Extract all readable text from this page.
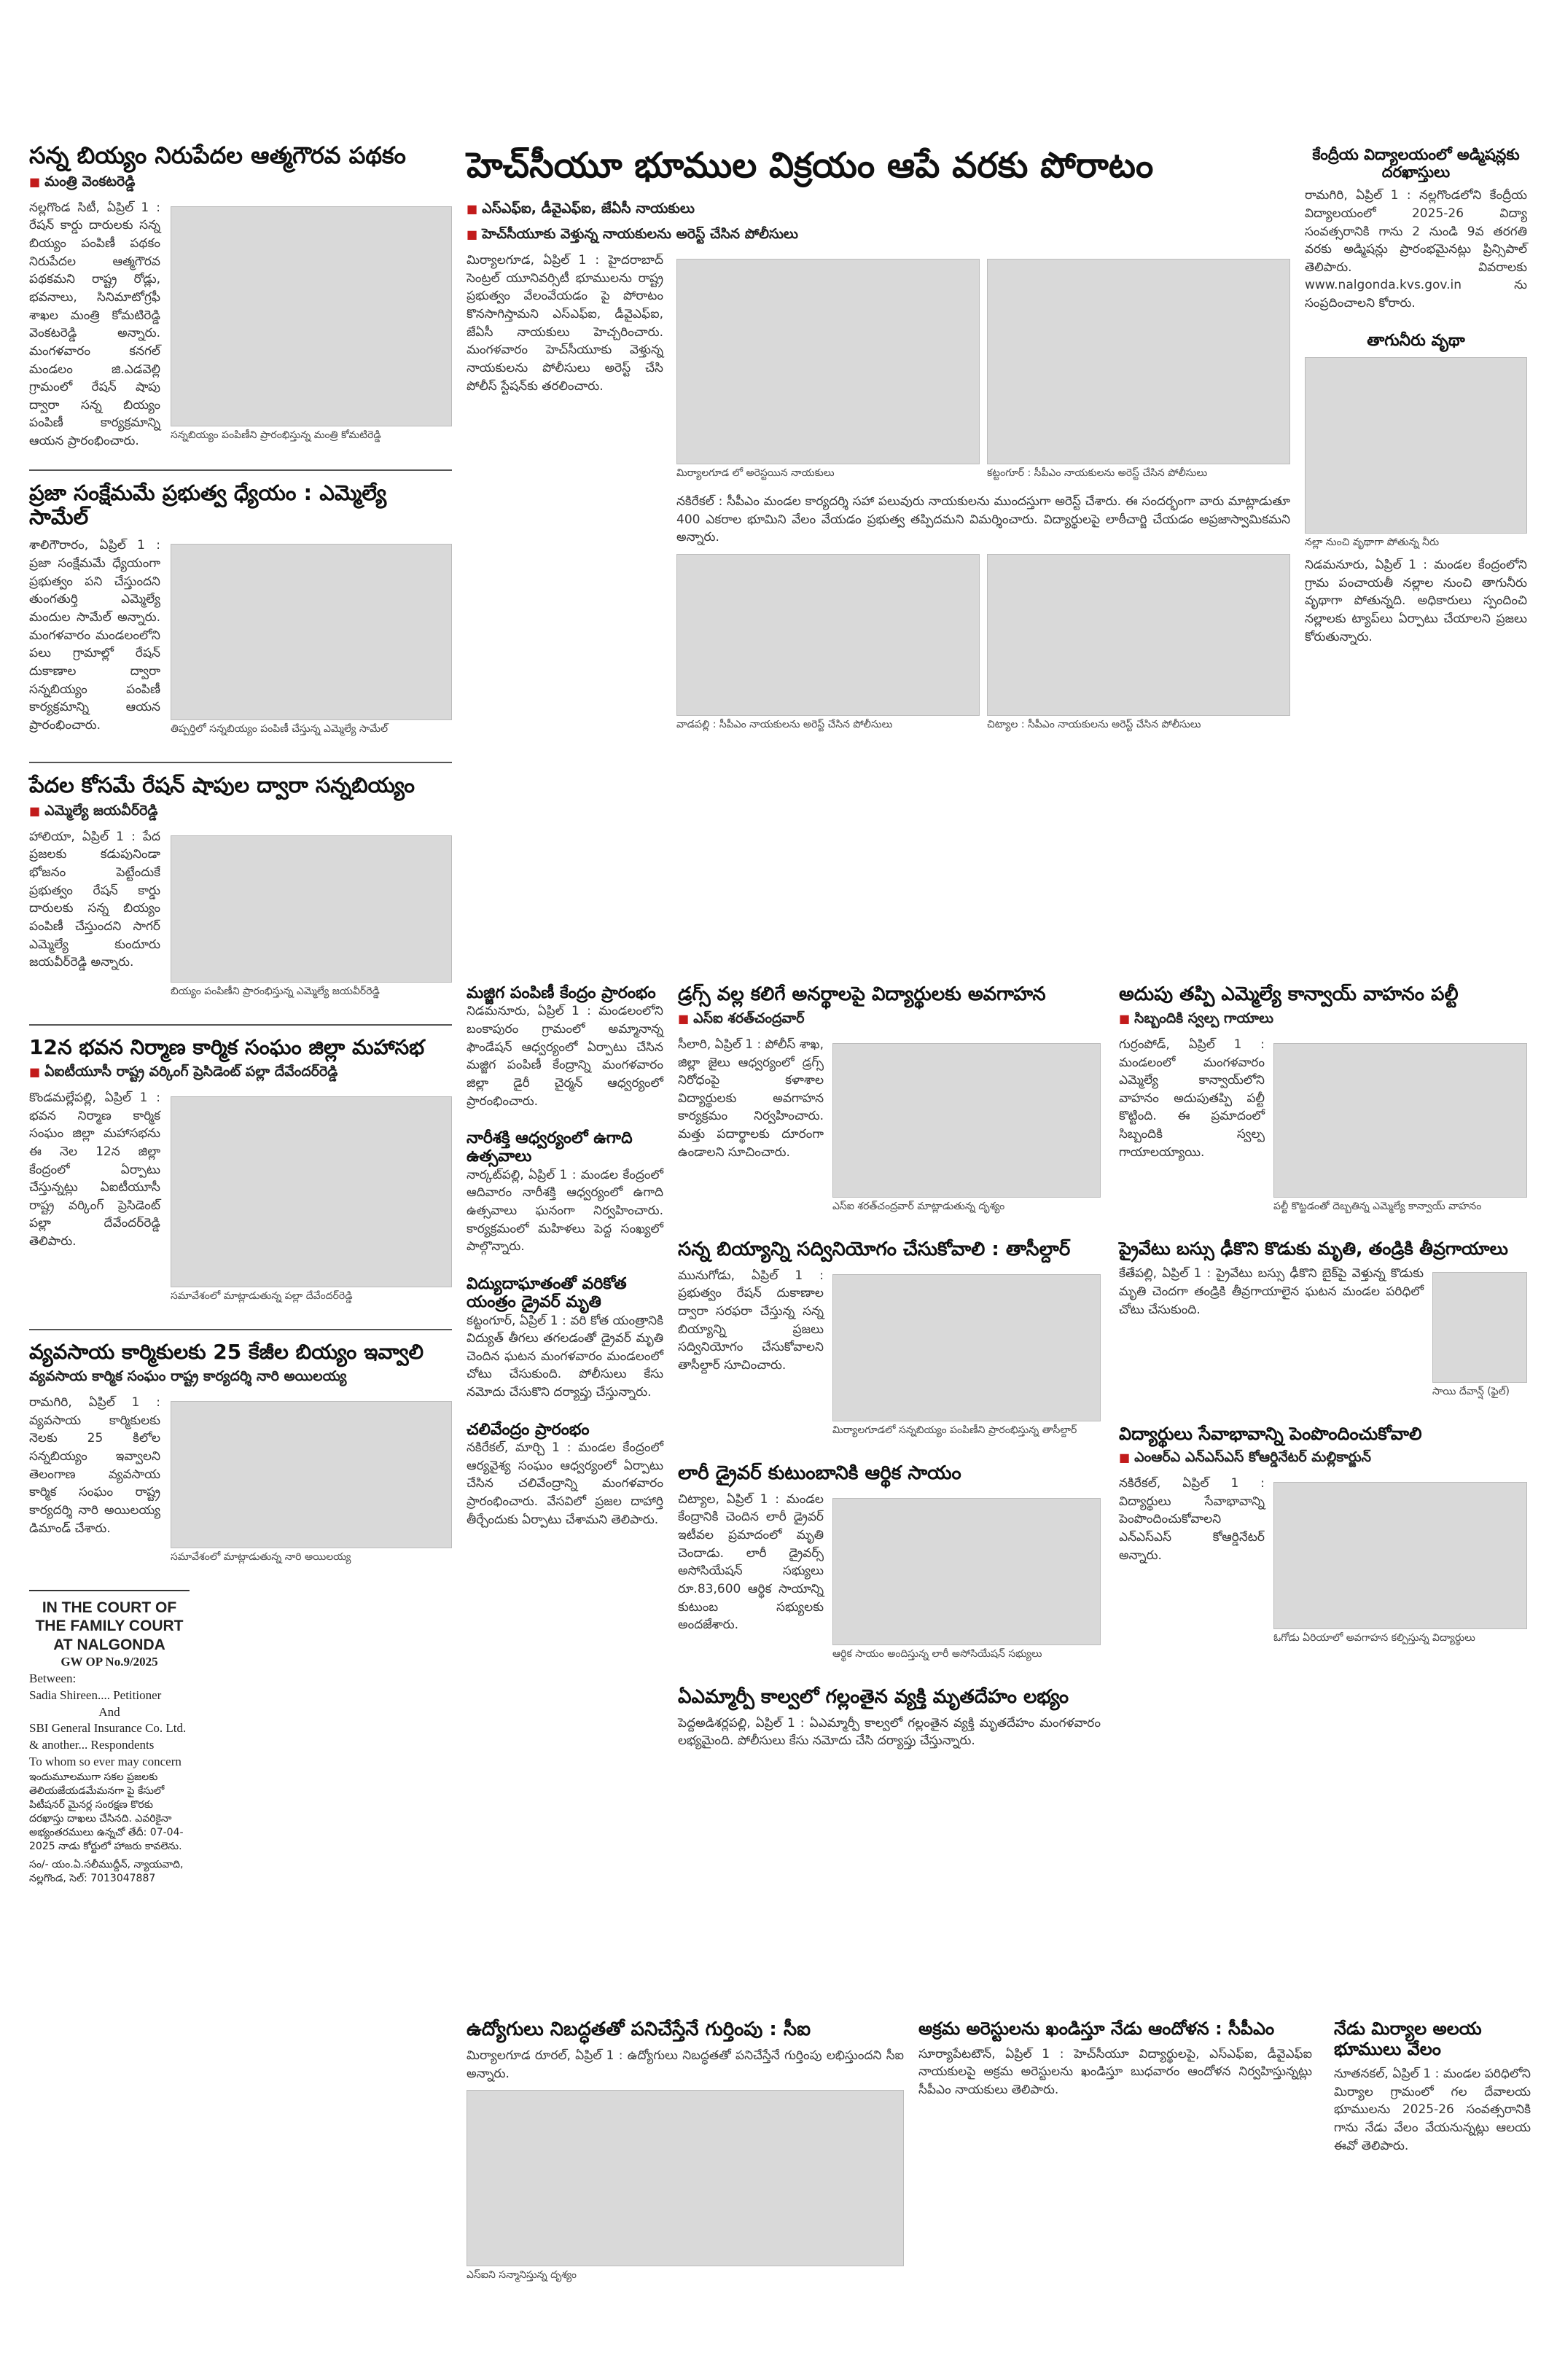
సన్న బియ్యం నిరుపేదల ఆత్మగౌరవ పథకం
■ మంత్రి వెంకటరెడ్డి
నల్లగొండ సిటీ, ఏప్రిల్ 1 : రేషన్ కార్డు దారులకు సన్న బియ్యం పంపిణీ పథకం నిరుపేదల ఆత్మగౌరవ పథకమని రాష్ట్ర రోడ్లు, భవనాలు, సినిమాటోగ్రఫీ శాఖల మంత్రి కోమటిరెడ్డి వెంకటరెడ్డి అన్నారు. మంగళవారం కనగల్ మండలం జి.ఎడవెల్లి గ్రామంలో రేషన్ షాపు ద్వారా సన్న బియ్యం పంపిణీ కార్యక్రమాన్ని ఆయన ప్రారంభించారు.	సన్నబియ్యం పంపిణీని ప్రారంభిస్తున్న మంత్రి కోమటిరెడ్డి
ప్రజా సంక్షేమమే ప్రభుత్వ ధ్యేయం : ఎమ్మెల్యే సామేల్
శాలిగౌరారం, ఏప్రిల్ 1 : ప్రజా సంక్షేమమే ధ్యేయంగా ప్రభుత్వం పని చేస్తుందని తుంగతుర్తి ఎమ్మెల్యే మందుల సామేల్ అన్నారు. మంగళవారం మండలంలోని పలు గ్రామాల్లో రేషన్ దుకాణాల ద్వారా సన్నబియ్యం పంపిణీ కార్యక్రమాన్ని ఆయన ప్రారంభించారు.	తిప్పర్తిలో సన్నబియ్యం పంపిణీ చేస్తున్న ఎమ్మెల్యే సామేల్
పేదల కోసమే రేషన్ షాపుల ద్వారా సన్నబియ్యం
■ ఎమ్మెల్యే జయవీర్‌రెడ్డి
హాలియా, ఏప్రిల్ 1 : పేద ప్రజలకు కడుపునిండా భోజనం పెట్టేందుకే ప్రభుత్వం రేషన్ కార్డు దారులకు సన్న బియ్యం పంపిణీ చేస్తుందని సాగర్ ఎమ్మెల్యే కుందూరు జయవీర్‌రెడ్డి అన్నారు.
బియ్యం పంపిణీని ప్రారంభిస్తున్న ఎమ్మెల్యే జయవీర్‌రెడ్డి
12న భవన నిర్మాణ కార్మిక సంఘం జిల్లా మహాసభ
■ ఏఐటీయూసీ రాష్ట్ర వర్కింగ్ ప్రెసిడెంట్ పల్లా దేవేందర్‌రెడ్డి
కొండమల్లేపల్లి, ఏప్రిల్ 1 : భవన నిర్మాణ కార్మిక సంఘం జిల్లా మహాసభను ఈ నెల 12న జిల్లా కేంద్రంలో ఏర్పాటు చేస్తున్నట్లు ఏఐటీయూసీ రాష్ట్ర వర్కింగ్ ప్రెసిడెంట్ పల్లా దేవేందర్‌రెడ్డి తెలిపారు.
సమావేశంలో మాట్లాడుతున్న పల్లా దేవేందర్‌రెడ్డి
వ్యవసాయ కార్మికులకు 25 కేజీల బియ్యం ఇవ్వాలి
వ్యవసాయ కార్మిక సంఘం రాష్ట్ర కార్యదర్శి నారి అయిలయ్య
రామగిరి, ఏప్రిల్ 1 : వ్యవసాయ కార్మికులకు నెలకు 25 కిలోల సన్నబియ్యం ఇవ్వాలని తెలంగాణ వ్యవసాయ కార్మిక సంఘం రాష్ట్ర కార్యదర్శి నారి అయిలయ్య డిమాండ్ చేశారు.
సమావేశంలో మాట్లాడుతున్న నారి అయిలయ్య
IN THE COURT OF THE FAMILY COURT AT NALGONDA
GW OP No.9/2025
Between:
Sadia Shireen.... Petitioner
And
SBI General Insurance Co. Ltd. & another... Respondents
To whom so ever may concern
ఇందుమూలముగా సకల ప్రజలకు తెలియజేయడమేమనగా పై కేసులో పిటీషనర్ మైనర్ల సంరక్షణ కొరకు దరఖాస్తు దాఖలు చేసినది. ఎవరికైనా అభ్యంతరములు ఉన్నచో తేదీ: 07-04-2025 నాడు కోర్టులో హాజరు కావలెను.
సం/- యం.ఏ.సలీముద్దీన్, న్యాయవాది, నల్లగొండ, సెల్: 7013047887
హెచ్‌సీయూ భూముల విక్రయం ఆపే వరకు పోరాటం
■ ఎస్‌ఎఫ్‌ఐ, డీవైఎఫ్‌ఐ, జేఏసీ నాయకులు
■ హెచ్‌సీయూకు వెళ్తున్న నాయకులను అరెస్ట్ చేసిన పోలీసులు
మిర్యాలగూడ, ఏప్రిల్ 1 : హైదరాబాద్ సెంట్రల్ యూనివర్సిటీ భూములను రాష్ట్ర ప్రభుత్వం వేలంవేయడం పై పోరాటం కొనసాగిస్తామని ఎస్‌ఎఫ్‌ఐ, డీవైఎఫ్‌ఐ, జేఏసీ నాయకులు హెచ్చరించారు. మంగళవారం హెచ్‌సీయూకు వెళ్తున్న నాయకులను పోలీసులు అరెస్ట్ చేసి పోలీస్ స్టేషన్‌కు తరలించారు.
మిర్యాలగూడ లో అరెస్టయిన నాయకులు	కట్టంగూర్ : సీపీఎం నాయకులను అరెస్ట్ చేసిన పోలీసులు
నకిరేకల్ : సీపీఎం మండల కార్యదర్శి సహా పలువురు నాయకులను ముందస్తుగా అరెస్ట్ చేశారు. ఈ సందర్భంగా వారు మాట్లాడుతూ 400 ఎకరాల భూమిని వేలం వేయడం ప్రభుత్వ తప్పిదమని విమర్శించారు. విద్యార్థులపై లాఠీచార్జి చేయడం అప్రజాస్వామికమని అన్నారు.
వాడపల్లి : సీపీఎం నాయకులను అరెస్ట్ చేసిన పోలీసులు	చిట్యాల : సీపీఎం నాయకులను అరెస్ట్ చేసిన పోలీసులు
మజ్జిగ పంపిణీ కేంద్రం ప్రారంభం
నిడమనూరు, ఏప్రిల్ 1 : మండలంలోని బంకాపురం గ్రామంలో అమ్మానాన్న ఫౌండేషన్ ఆధ్వర్యంలో ఏర్పాటు చేసిన మజ్జిగ పంపిణీ కేంద్రాన్ని మంగళవారం జిల్లా డైరీ చైర్మన్ ఆధ్వర్యంలో ప్రారంభించారు.
నారీశక్తి ఆధ్వర్యంలో ఉగాది ఉత్సవాలు
నార్కట్‌పల్లి, ఏప్రిల్ 1 : మండల కేంద్రంలో ఆదివారం నారీశక్తి ఆధ్వర్యంలో ఉగాది ఉత్సవాలు ఘనంగా నిర్వహించారు. కార్యక్రమంలో మహిళలు పెద్ద సంఖ్యలో పాల్గొన్నారు.
విద్యుదాఘాతంతో వరికోత యంత్రం డ్రైవర్ మృతి
కట్టంగూర్, ఏప్రిల్ 1 : వరి కోత యంత్రానికి విద్యుత్ తీగలు తగలడంతో డ్రైవర్ మృతి చెందిన ఘటన మంగళవారం మండలంలో చోటు చేసుకుంది. పోలీసులు కేసు నమోదు చేసుకొని దర్యాప్తు చేస్తున్నారు.
చలివేంద్రం ప్రారంభం
నకిరేకల్, మార్చి 1 : మండల కేంద్రంలో ఆర్యవైశ్య సంఘం ఆధ్వర్యంలో ఏర్పాటు చేసిన చలివేంద్రాన్ని మంగళవారం ప్రారంభించారు. వేసవిలో ప్రజల దాహార్తి తీర్చేందుకు ఏర్పాటు చేశామని తెలిపారు.
ఉద్యోగులు నిబద్ధతతో పనిచేస్తేనే గుర్తింపు : సీఐ
మిర్యాలగూడ రూరల్, ఏప్రిల్ 1 : ఉద్యోగులు నిబద్ధతతో పనిచేస్తేనే గుర్తింపు లభిస్తుందని సీఐ అన్నారు.
ఎస్ఐని సన్మానిస్తున్న దృశ్యం
డ్రగ్స్ వల్ల కలిగే అనర్థాలపై విద్యార్థులకు అవగాహన
■ ఎస్ఐ శరత్‌చంద్ర‌వార్
సీలారి, ఏప్రిల్ 1 : పోలీస్ శాఖ, జిల్లా జైలు ఆధ్వర్యంలో డ్రగ్స్ నిరోధంపై కళాశాల విద్యార్థులకు అవగాహన కార్యక్రమం నిర్వహించారు. మత్తు పదార్థాలకు దూరంగా ఉండాలని సూచించారు.
ఎస్ఐ శరత్‌చంద్ర‌వార్ మాట్లాడుతున్న దృశ్యం
సన్న బియ్యాన్ని సద్వినియోగం చేసుకోవాలి : తాసీల్దార్
మునుగోడు, ఏప్రిల్ 1 : ప్రభుత్వం రేషన్ దుకాణాల ద్వారా సరఫరా చేస్తున్న సన్న బియ్యాన్ని ప్రజలు సద్వినియోగం చేసుకోవాలని తాసీల్దార్ సూచించారు.
మిర్యాలగూడలో సన్నబియ్యం పంపిణీని ప్రారంభిస్తున్న తాసీల్దార్
లారీ డ్రైవర్ కుటుంబానికి ఆర్థిక సాయం
చిట్యాల, ఏప్రిల్ 1 : మండల కేంద్రానికి చెందిన లారీ డ్రైవర్ ఇటీవల ప్రమాదంలో మృతి చెందాడు. లారీ డ్రైవర్స్ అసోసియేషన్ సభ్యులు రూ.83,600 ఆర్థిక సాయాన్ని కుటుంబ సభ్యులకు అందజేశారు.
ఆర్థిక సాయం అందిస్తున్న లారీ అసోసియేషన్ సభ్యులు
ఏఎమ్మార్పీ కాల్వలో గల్లంతైన వ్యక్తి మృతదేహం లభ్యం
పెద్దఅడిశర్లపల్లి, ఏప్రిల్ 1 : ఏఎమ్మార్పీ కాల్వలో గల్లంతైన వ్యక్తి మృతదేహం మంగళవారం లభ్యమైంది. పోలీసులు కేసు నమోదు చేసి దర్యాప్తు చేస్తున్నారు.
అదుపు తప్పి ఎమ్మెల్యే కాన్వాయ్ వాహనం పల్టీ
■ సిబ్బందికి స్వల్ప గాయాలు
గుర్రంపోడ్, ఏప్రిల్ 1 : మండలంలో మంగళవారం ఎమ్మెల్యే కాన్వాయ్‌లోని వాహనం అదుపుతప్పి పల్టీ కొట్టింది. ఈ ప్రమాదంలో సిబ్బందికి స్వల్ప గాయాలయ్యాయి.
పల్టీ కొట్టడంతో దెబ్బతిన్న ఎమ్మెల్యే కాన్వాయ్ వాహనం
ప్రైవేటు బస్సు ఢీకొని కొడుకు మృతి, తండ్రికి తీవ్రగాయాలు
కేతేపల్లి, ఏప్రిల్ 1 : ప్రైవేటు బస్సు ఢీకొని బైక్‌పై వెళ్తున్న కొడుకు మృతి చెందగా తండ్రికి తీవ్రగాయాలైన ఘటన మండల పరిధిలో చోటు చేసుకుంది.
సాయి దేవాన్ష్ (ఫైల్)
విద్యార్థులు సేవాభావాన్ని పెంపొందించుకోవాలి
■ ఎంఆర్‌ఎ ఎన్ఎస్ఎస్ కోఆర్డినేటర్ మల్లికార్జున్
నకిరేకల్, ఏప్రిల్ 1 : విద్యార్థులు సేవాభావాన్ని పెంపొందించుకోవాలని ఎన్ఎస్ఎస్ కోఆర్డినేటర్ అన్నారు.
ఓగోడు ఏరియాలో అవగాహన కల్పిస్తున్న విద్యార్థులు
అక్రమ అరెస్టులను ఖండిస్తూ నేడు ఆందోళన : సీపీఎం
సూర్యాపేటటౌన్, ఏప్రిల్ 1 : హెచ్‌సీయూ విద్యార్థులపై, ఎస్‌ఎఫ్‌ఐ, డీవైఎఫ్‌ఐ నాయకులపై అక్రమ అరెస్టులను ఖండిస్తూ బుధవారం ఆందోళన నిర్వహిస్తున్నట్లు సీపీఎం నాయకులు తెలిపారు.
నేడు మిర్యాల అలయ భూములు వేలం
నూతనకల్, ఏప్రిల్ 1 : మండల పరిధిలోని మిర్యాల గ్రామంలో గల దేవాలయ భూములను 2025-26 సంవత్సరానికి గాను నేడు వేలం వేయనున్నట్లు ఆలయ ఈవో తెలిపారు.
కేంద్రీయ విద్యాలయంలో అడ్మిషన్లకు దరఖాస్తులు
రామగిరి, ఏప్రిల్ 1 : నల్లగొండలోని కేంద్రీయ విద్యాలయంలో 2025-26 విద్యా సంవత్సరానికి గాను 2 నుండి 9వ తరగతి వరకు అడ్మిషన్లు ప్రారంభమైనట్లు ప్రిన్సిపాల్ తెలిపారు. వివరాలకు www.nalgonda.kvs.gov.in ను సంప్రదించాలని కోరారు.
తాగునీరు వృథా
నల్లా నుంచి వృథాగా పోతున్న నీరు
నిడమనూరు, ఏప్రిల్ 1 : మండల కేంద్రంలోని గ్రామ పంచాయతీ నల్లాల నుంచి తాగునీరు వృథాగా పోతున్నది. అధికారులు స్పందించి నల్లాలకు ట్యాప్‌లు ఏర్పాటు చేయాలని ప్రజలు కోరుతున్నారు.
